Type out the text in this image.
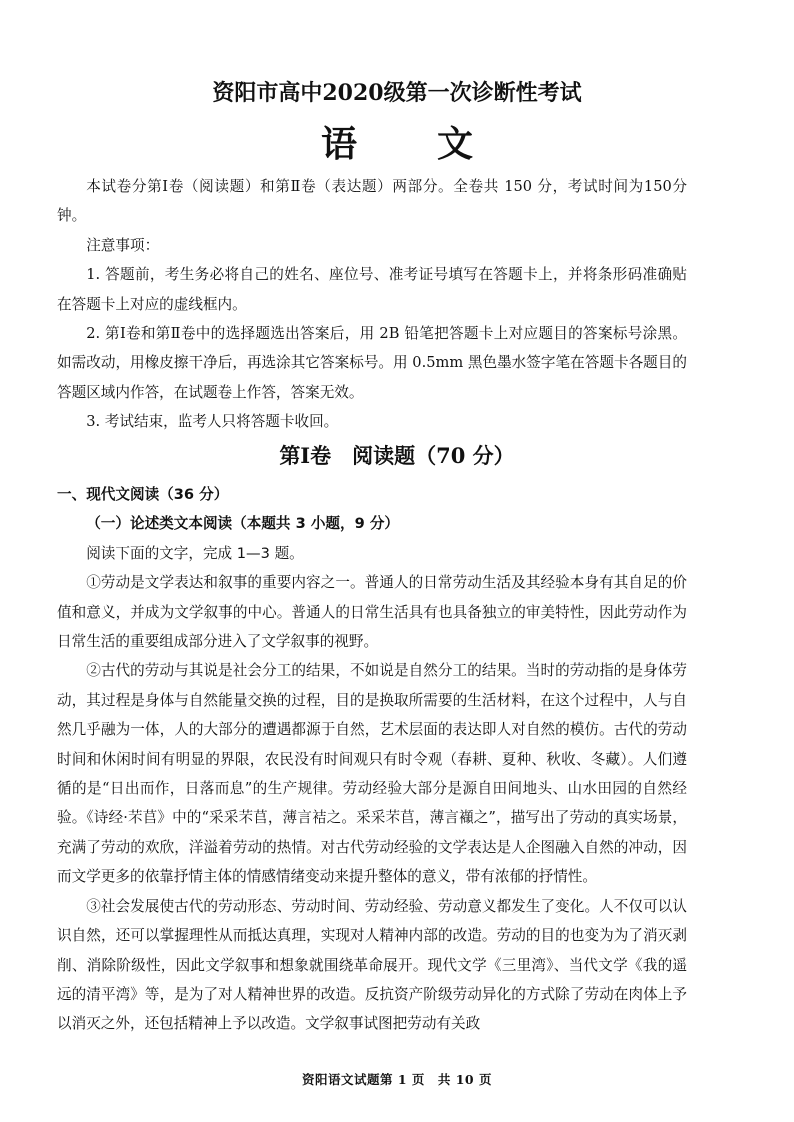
资阳市高中2020级第一次诊断性考试
语 文

本试卷分第Ⅰ卷（阅读题）和第Ⅱ卷（表达题）两部分。全卷共 150 分，考试时间为150分钟。

注意事项：

1. 答题前，考生务必将自己的姓名、座位号、准考证号填写在答题卡上，并将条形码准确贴在答题卡上对应的虚线框内。

2. 第Ⅰ卷和第Ⅱ卷中的选择题选出答案后，用 2B 铅笔把答题卡上对应题目的答案标号涂黑。如需改动，用橡皮擦干净后，再选涂其它答案标号。用 0.5mm 黑色墨水签字笔在答题卡各题目的答题区域内作答，在试题卷上作答，答案无效。

3. 考试结束，监考人只将答题卡收回。

第Ⅰ卷　阅读题（70 分）

一、现代文阅读（36 分）

（一）论述类文本阅读（本题共 3 小题，9 分）

阅读下面的文字，完成 1—3 题。

①劳动是文学表达和叙事的重要内容之一。普通人的日常劳动生活及其经验本身有其自足的价值和意义，并成为文学叙事的中心。普通人的日常生活具有也具备独立的审美特性，因此劳动作为日常生活的重要组成部分进入了文学叙事的视野。

②古代的劳动与其说是社会分工的结果，不如说是自然分工的结果。当时的劳动指的是身体劳动，其过程是身体与自然能量交换的过程，目的是换取所需要的生活材料，在这个过程中，人与自然几乎融为一体，人的大部分的遭遇都源于自然，艺术层面的表达即人对自然的模仿。古代的劳动时间和休闲时间有明显的界限，农民没有时间观只有时令观（春耕、夏种、秋收、冬藏）。人们遵循的是“日出而作，日落而息”的生产规律。劳动经验大部分是源自田间地头、山水田园的自然经验。《诗经·芣苢》中的“采采芣苢，薄言袺之。采采芣苢，薄言襭之”，描写出了劳动的真实场景，充满了劳动的欢欣，洋溢着劳动的热情。对古代劳动经验的文学表达是人企图融入自然的冲动，因而文学更多的依靠抒情主体的情感情绪变动来提升整体的意义，带有浓郁的抒情性。

③社会发展使古代的劳动形态、劳动时间、劳动经验、劳动意义都发生了变化。人不仅可以认识自然，还可以掌握理性从而抵达真理，实现对人精神内部的改造。劳动的目的也变为为了消灭剥削、消除阶级性，因此文学叙事和想象就围绕革命展开。现代文学《三里湾》、当代文学《我的遥远的清平湾》等，是为了对人精神世界的改造。反抗资产阶级劳动异化的方式除了劳动在肉体上予以消灭之外，还包括精神上予以改造。文学叙事试图把劳动有关政

资阳语文试题第 1 页　共 10 页
